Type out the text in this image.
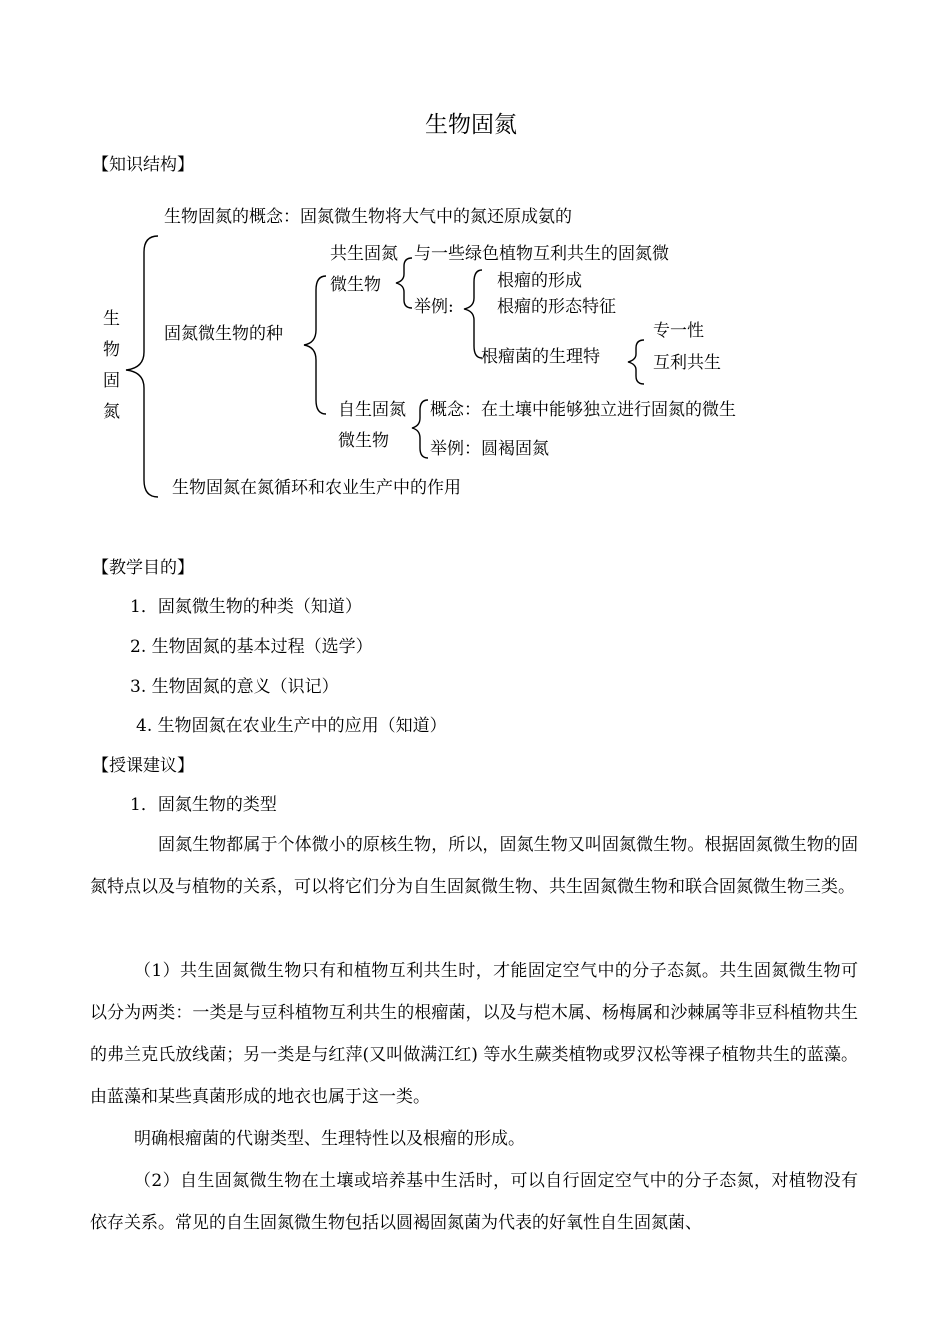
生物固氮
【知识结构】
生
物
固
氮
生物固氮的概念：固氮微生物将大气中的氮还原成氨的
固氮微生物的种
共生固氮
微生物
与一些绿色植物互利共生的固氮微
举例:
根瘤的形成
根瘤的形态特征
根瘤菌的生理特
专一性
互利共生
自生固氮
微生物
概念：在土壤中能够独立进行固氮的微生
举例：圆褐固氮
生物固氮在氮循环和农业生产中的作用
【教学目的】
1．固氮微生物的种类（知道）
2. 生物固氮的基本过程（选学）
3. 生物固氮的意义（识记）
4. 生物固氮在农业生产中的应用（知道）
【授课建议】
1．固氮生物的类型

固氮生物都属于个体微小的原核生物，所以，固氮生物又叫固氮微生物。根据固氮微生物的固氮特点以及与植物的关系，可以将它们分为自生固氮微生物、共生固氮微生物和联合固氮微生物三类。

（1）共生固氮微生物只有和植物互利共生时，才能固定空气中的分子态氮。共生固氮微生物可以分为两类：一类是与豆科植物互利共生的根瘤菌，以及与桤木属、杨梅属和沙棘属等非豆科植物共生的弗兰克氏放线菌；另一类是与红萍(又叫做满江红) 等水生蕨类植物或罗汉松等裸子植物共生的蓝藻。由蓝藻和某些真菌形成的地衣也属于这一类。

明确根瘤菌的代谢类型、生理特性以及根瘤的形成。

（2）自生固氮微生物在土壤或培养基中生活时，可以自行固定空气中的分子态氮，对植物没有依存关系。常见的自生固氮微生物包括以圆褐固氮菌为代表的好氧性自生固氮菌、
